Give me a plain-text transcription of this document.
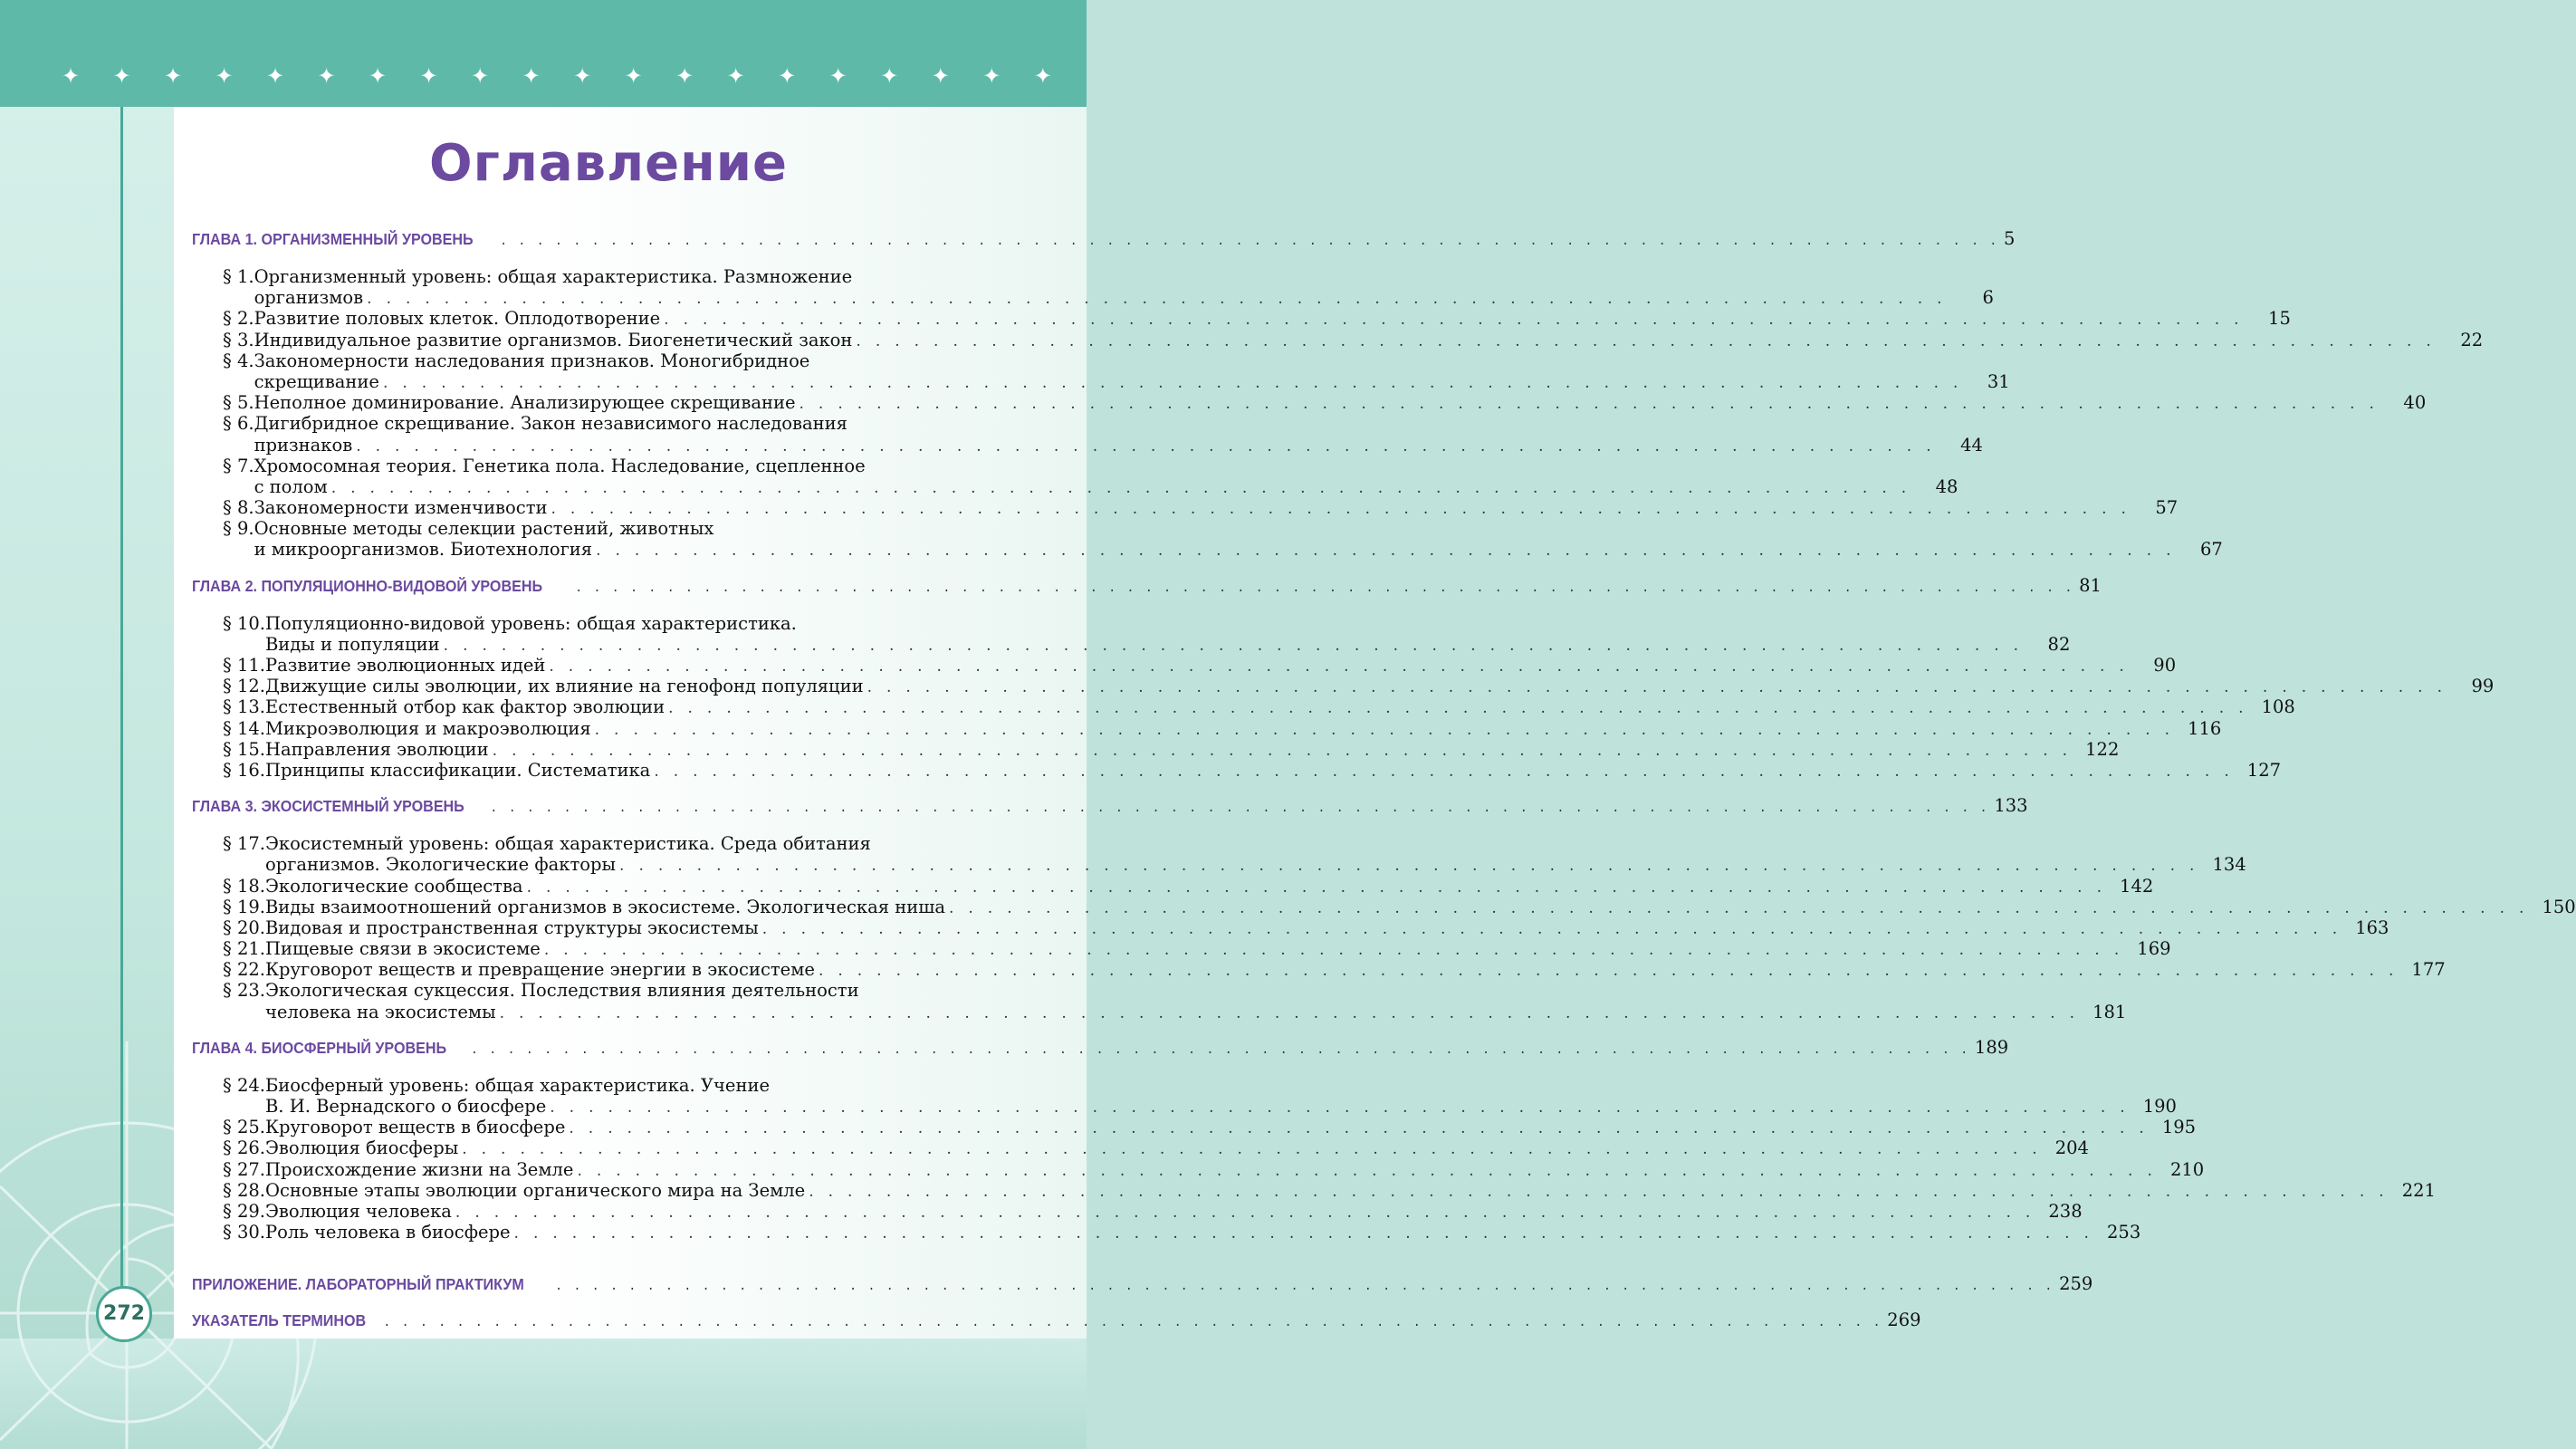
✦	✦	✦	✦	✦	✦	✦	✦	✦	✦	✦	✦	✦	✦	✦	✦	✦	✦	✦	✦
Оглавление
ГЛАВА 1. ОРГАНИЗМЕННЫЙ УРОВЕНЬ . . .	5
§ 1. Организменный уровень: общая характеристика. Размножение
организмов . . .	6
§ 2. Развитие половых клеток. Оплодотворение . . .	15
§ 3. Индивидуальное развитие организмов. Биогенетический закон . . .	22
§ 4. Закономерности наследования признаков. Моногибридное
скрещивание . . .	31
§ 5. Неполное доминирование. Анализирующее скрещивание . . .	40
§ 6. Дигибридное скрещивание. Закон независимого наследования
признаков . . .	44
§ 7. Хромосомная теория. Генетика пола. Наследование, сцепленное
с полом . . .	48
§ 8. Закономерности изменчивости . . .	57
§ 9. Основные методы селекции растений, животных
и микроорганизмов. Биотехнология . . .	67
ГЛАВА 2. ПОПУЛЯЦИОННО-ВИДОВОЙ УРОВЕНЬ . . .	81
§ 10. Популяционно-видовой уровень: общая характеристика.
Виды и популяции . . .	82
§ 11. Развитие эволюционных идей . . .	90
§ 12. Движущие силы эволюции, их влияние на генофонд популяции . . .	99
§ 13. Естественный отбор как фактор эволюции . . .	108
§ 14. Микроэволюция и макроэволюция . . .	116
§ 15. Направления эволюции . . .	122
§ 16. Принципы классификации. Систематика . . .	127
ГЛАВА 3. ЭКОСИСТЕМНЫЙ УРОВЕНЬ . . .	133
§ 17. Экосистемный уровень: общая характеристика. Среда обитания
организмов. Экологические факторы . . .	134
§ 18. Экологические сообщества . . .	142
§ 19. Виды взаимоотношений организмов в экосистеме. Экологическая ниша . . .	150
§ 20. Видовая и пространственная структуры экосистемы . . .	163
§ 21. Пищевые связи в экосистеме . . .	169
§ 22. Круговорот веществ и превращение энергии в экосистеме . . .	177
§ 23. Экологическая сукцессия. Последствия влияния деятельности
человека на экосистемы . . .	181
ГЛАВА 4. БИОСФЕРНЫЙ УРОВЕНЬ . . .	189
§ 24. Биосферный уровень: общая характеристика. Учение
В. И. Вернадского о биосфере . . .	190
§ 25. Круговорот веществ в биосфере . . .	195
§ 26. Эволюция биосферы . . .	204
§ 27. Происхождение жизни на Земле . . .	210
§ 28. Основные этапы эволюции органического мира на Земле . . .	221
§ 29. Эволюция человека . . .	238
§ 30. Роль человека в биосфере . . .	253
ПРИЛОЖЕНИЕ. ЛАБОРАТОРНЫЙ ПРАКТИКУМ . . .	259
УКАЗАТЕЛЬ ТЕРМИНОВ . . .	269
272
